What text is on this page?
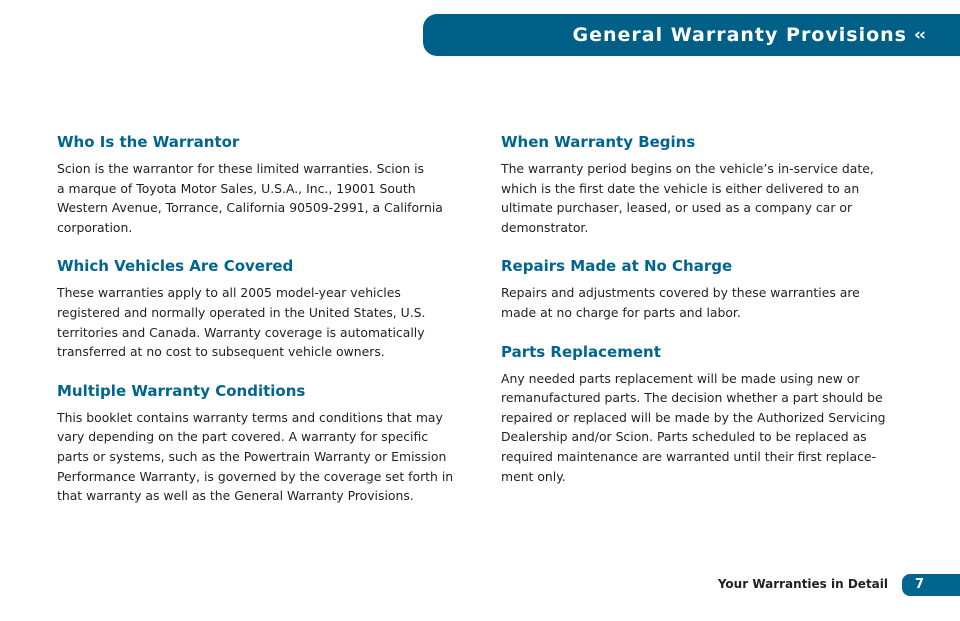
General Warranty Provisions ‹‹
Who Is the Warrantor

Scion is the warrantor for these limited warranties. Scion is
a marque of Toyota Motor Sales, U.S.A., Inc., 19001 South
Western Avenue, Torrance, California 90509-2991, a California
corporation.

Which Vehicles Are Covered

These warranties apply to all 2005 model-year vehicles
registered and normally operated in the United States, U.S.
territories and Canada. Warranty coverage is automatically
transferred at no cost to subsequent vehicle owners.

Multiple Warranty Conditions

This booklet contains warranty terms and conditions that may
vary depending on the part covered. A warranty for specific
parts or systems, such as the Powertrain Warranty or Emission
Performance Warranty, is governed by the coverage set forth in
that warranty as well as the General Warranty Provisions.

When Warranty Begins

The warranty period begins on the vehicle’s in-service date,
which is the first date the vehicle is either delivered to an
ultimate purchaser, leased, or used as a company car or
demonstrator.

Repairs Made at No Charge

Repairs and adjustments covered by these warranties are
made at no charge for parts and labor.

Parts Replacement

Any needed parts replacement will be made using new or
remanufactured parts. The decision whether a part should be
repaired or replaced will be made by the Authorized Servicing
Dealership and/or Scion. Parts scheduled to be replaced as
required maintenance are warranted until their first replace-
ment only.

Your Warranties in Detail	7
